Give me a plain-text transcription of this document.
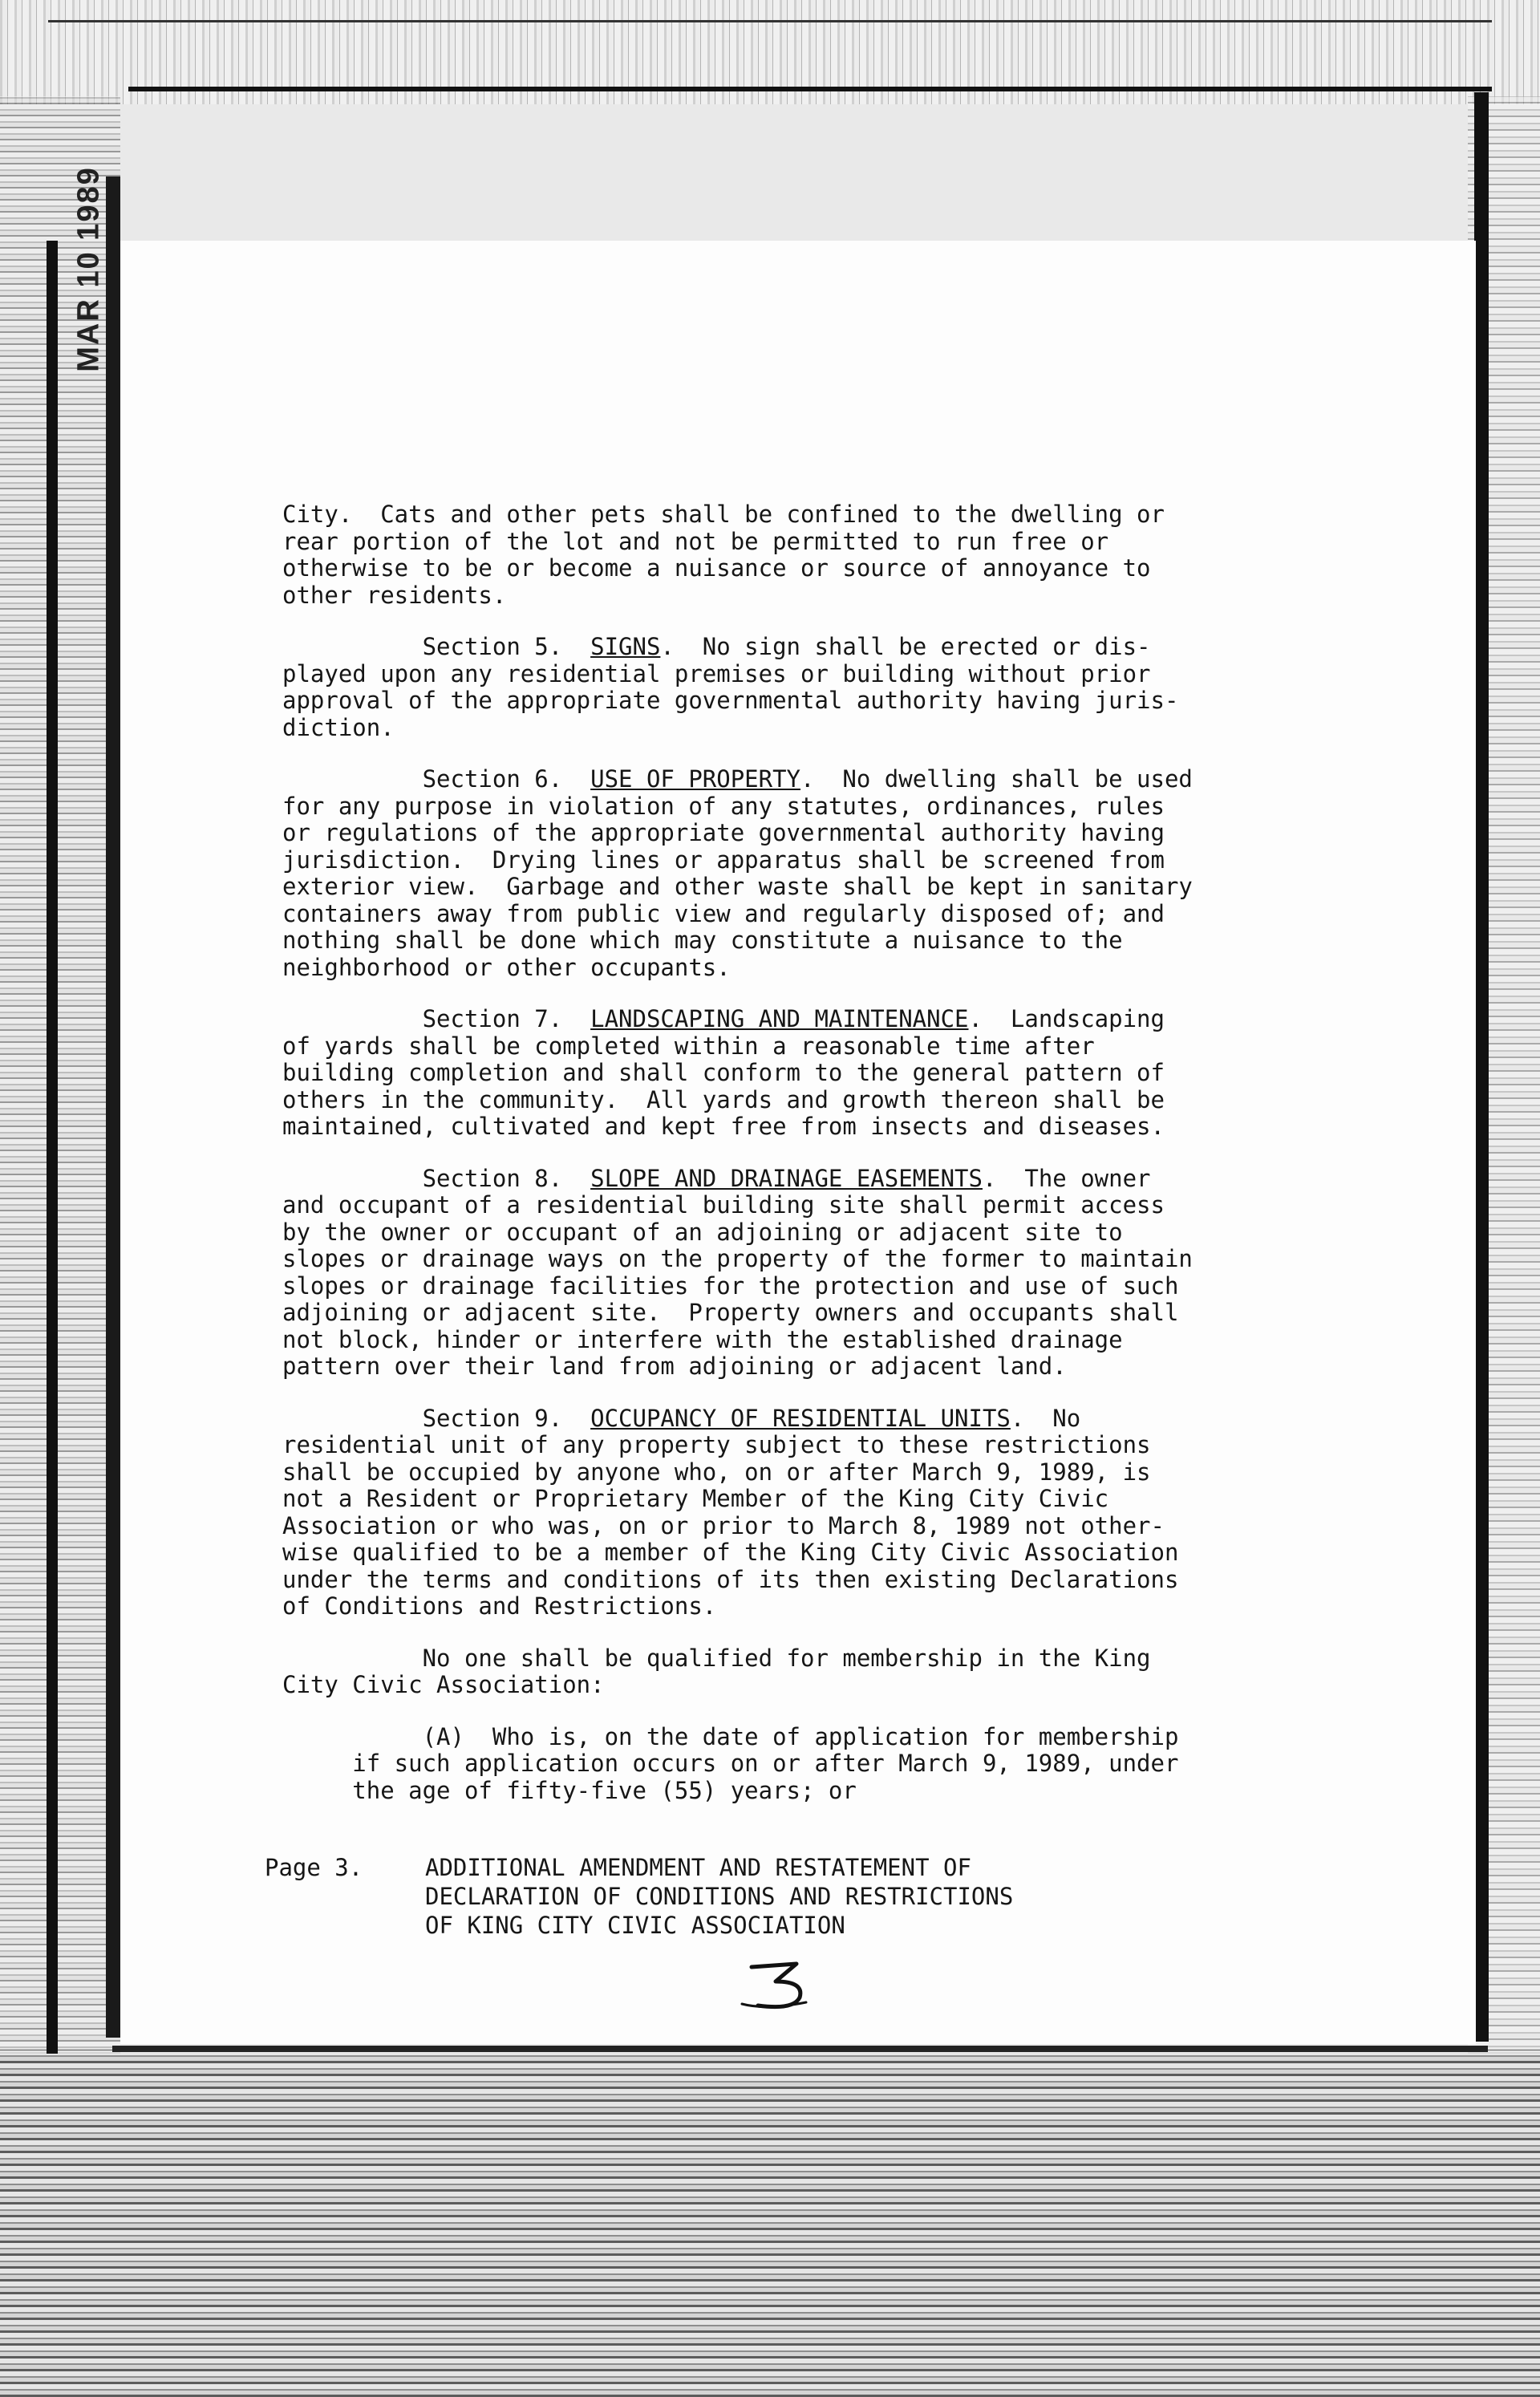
MAR 10 1989
City.  Cats and other pets shall be confined to the dwelling or
rear portion of the lot and not be permitted to run free or
otherwise to be or become a nuisance or source of annoyance to
other residents.
Section 5.  SIGNS.  No sign shall be erected or dis-
played upon any residential premises or building without prior
approval of the appropriate governmental authority having juris-
diction.
Section 6.  USE OF PROPERTY.  No dwelling shall be used
for any purpose in violation of any statutes, ordinances, rules
or regulations of the appropriate governmental authority having
jurisdiction.  Drying lines or apparatus shall be screened from
exterior view.  Garbage and other waste shall be kept in sanitary
containers away from public view and regularly disposed of; and
nothing shall be done which may constitute a nuisance to the
neighborhood or other occupants.
Section 7.  LANDSCAPING AND MAINTENANCE.  Landscaping
of yards shall be completed within a reasonable time after
building completion and shall conform to the general pattern of
others in the community.  All yards and growth thereon shall be
maintained, cultivated and kept free from insects and diseases.
Section 8.  SLOPE AND DRAINAGE EASEMENTS.  The owner
and occupant of a residential building site shall permit access
by the owner or occupant of an adjoining or adjacent site to
slopes or drainage ways on the property of the former to maintain
slopes or drainage facilities for the protection and use of such
adjoining or adjacent site.  Property owners and occupants shall
not block, hinder or interfere with the established drainage
pattern over their land from adjoining or adjacent land.
Section 9.  OCCUPANCY OF RESIDENTIAL UNITS.  No
residential unit of any property subject to these restrictions
shall be occupied by anyone who, on or after March 9, 1989, is
not a Resident or Proprietary Member of the King City Civic
Association or who was, on or prior to March 8, 1989 not other-
wise qualified to be a member of the King City Civic Association
under the terms and conditions of its then existing Declarations
of Conditions and Restrictions.
No one shall be qualified for membership in the King
City Civic Association:
(A)  Who is, on the date of application for membership
if such application occurs on or after March 9, 1989, under
the age of fifty-five (55) years; or
Page 3.	ADDITIONAL AMENDMENT AND RESTATEMENT OF
DECLARATION OF CONDITIONS AND RESTRICTIONS
OF KING CITY CIVIC ASSOCIATION
